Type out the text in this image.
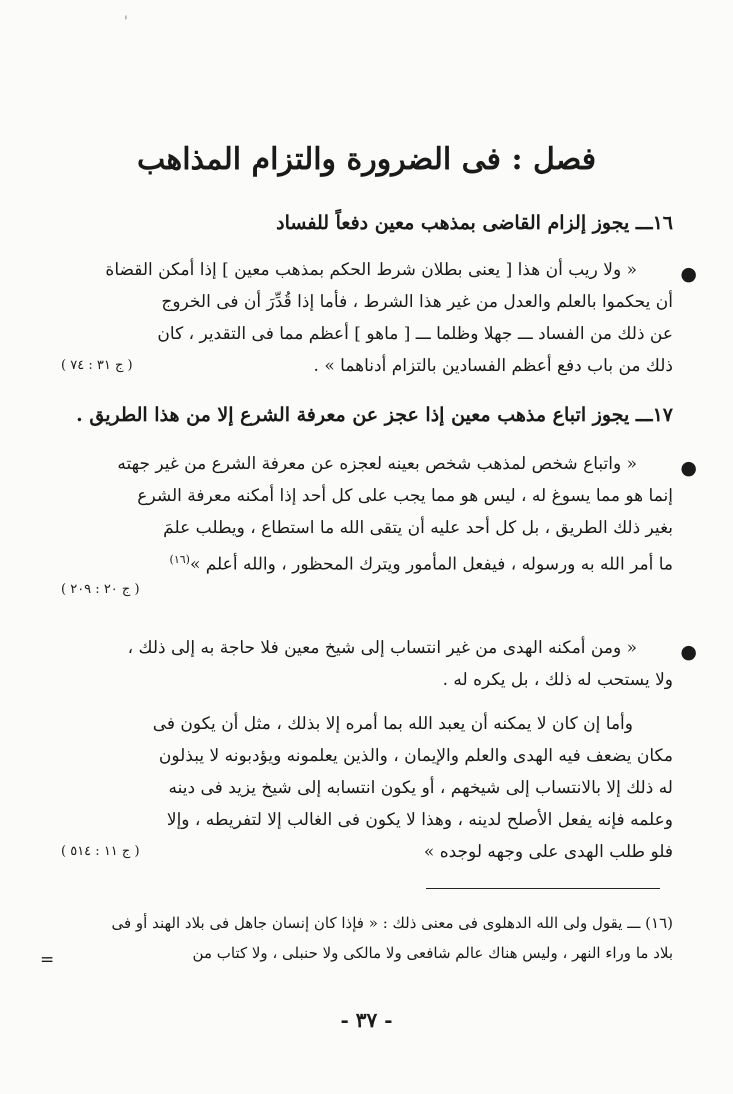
'
فصل : فى الضرورة والتزام المذاهب
١٦ـــ يجوز إلزام القاضى بمذهب معين دفعاً للفساد
●
« ولا ريب أن هذا [ يعنى بطلان شرط الحكم بمذهب معين ] إذا أمكن القضاة
أن يحكموا بالعلم والعدل من غير هذا الشرط ، فأما إذا قُدِّرَ أن فى الخروج
عن ذلك من الفساد ـــ جهلا وظلما ـــ [ ماهو ] أعظم مما فى التقدير ، كان
ذلك من باب دفع أعظم الفسادين بالتزام أدناهما » .
( ج ٣١ : ٧٤ )
١٧ـــ يجوز اتباع مذهب معين إذا عجز عن معرفة الشرع إلا من هذا الطريق .
●
« واتباع شخص لمذهب شخص بعينه لعجزه عن معرفة الشرع من غير جهته
إنما هو مما يسوغ له ، ليس هو مما يجب على كل أحد إذا أمكنه معرفة الشرع
بغير ذلك الطريق ، بل كل أحد عليه أن يتقى الله ما استطاع ، ويطلب علمَ
ما أمر الله به ورسوله ، فيفعل المأمور ويترك المحظور ، والله أعلم »$^{(١٦)}$
( ج ٢٠ : ٢٠٩ )
●
« ومن أمكنه الهدى من غير انتساب إلى شيخ معين فلا حاجة به إلى ذلك ،
ولا يستحب له ذلك ، بل يكره له .
وأما إن كان لا يمكنه أن يعبد الله بما أمره إلا بذلك ، مثل أن يكون فى
مكان يضعف فيه الهدى والعلم والإيمان ، والذين يعلمونه ويؤدبونه لا يبذلون
له ذلك إلا بالانتساب إلى شيخهم ، أو يكون انتسابه إلى شيخ يزيد فى دينه
وعلمه فإنه يفعل الأصلح لدينه ، وهذا لا يكون فى الغالب إلا لتفريطه ، وإلا
فلو طلب الهدى على وجهه لوجده »
( ج ١١ : ٥١٤ )
(١٦) ـــ يقول ولى الله الدهلوى فى معنى ذلك : « فإذا كان إنسان جاهل فى بلاد الهند أو فى
بلاد ما وراء النهر ، وليس هناك عالم شافعى ولا مالكى ولا حنبلى ، ولا كتاب من
=
- ٣٧ -
